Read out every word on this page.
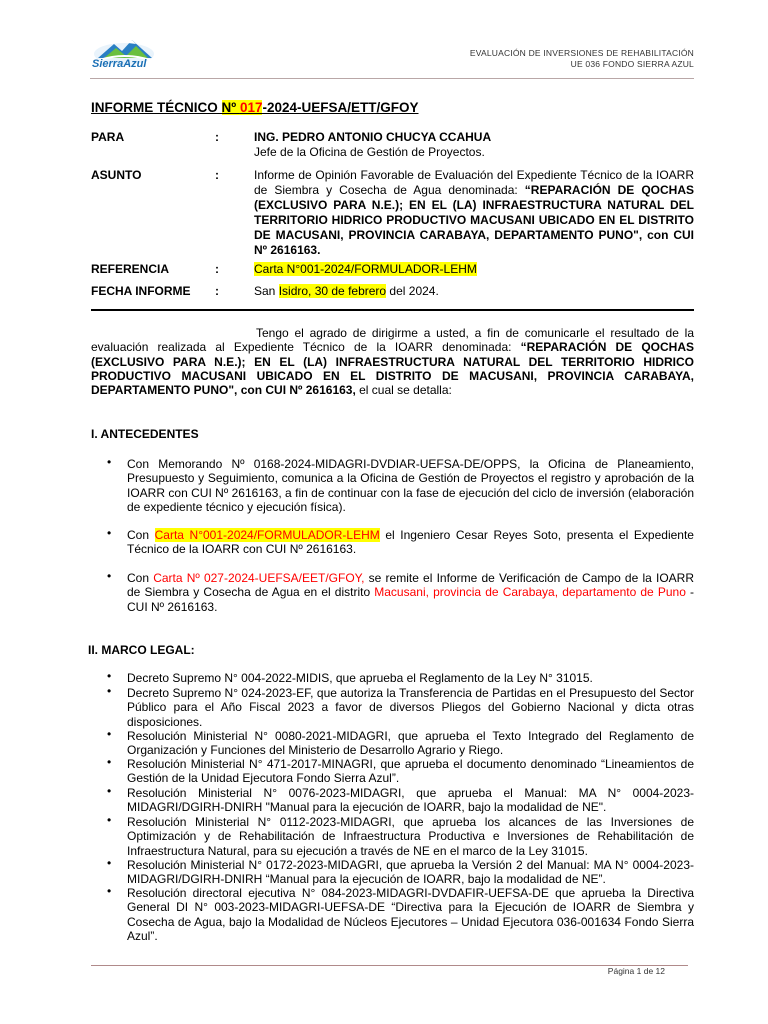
SierraAzul
EVALUACIÓN DE INVERSIONES DE REHABILITACIÓN
UE 036 FONDO SIERRA AZUL
INFORME TÉCNICO Nº 017-2024-UEFSA/ETT/GFOY
PARA	:	ING. PEDRO ANTONIO CHUCYA CCAHUA
Jefe de la Oficina de Gestión de Proyectos.
ASUNTO	:	Informe de Opinión Favorable de Evaluación del Expediente Técnico de la IOARR de Siembra y Cosecha de Agua denominada: “REPARACIÓN DE QOCHAS (EXCLUSIVO PARA N.E.); EN EL (LA) INFRAESTRUCTURA NATURAL DEL TERRITORIO HIDRICO PRODUCTIVO MACUSANI UBICADO EN EL DISTRITO DE MACUSANI, PROVINCIA CARABAYA, DEPARTAMENTO PUNO", con CUI Nº 2616163.
REFERENCIA	:	Carta N°001-2024/FORMULADOR-LEHM
FECHA INFORME :	San Isidro, 30 de febrero del 2024.
Tengo el agrado de dirigirme a usted, a fin de comunicarle el resultado de la evaluación realizada al Expediente Técnico de la IOARR denominada: “REPARACIÓN DE QOCHAS (EXCLUSIVO PARA N.E.); EN EL (LA) INFRAESTRUCTURA NATURAL DEL TERRITORIO HIDRICO PRODUCTIVO MACUSANI UBICADO EN EL DISTRITO DE MACUSANI, PROVINCIA CARABAYA, DEPARTAMENTO PUNO", con CUI Nº 2616163, el cual se detalla:
I. ANTECEDENTES
• Con Memorando Nº 0168-2024-MIDAGRI-DVDIAR-UEFSA-DE/OPPS, la Oficina de Planeamiento, Presupuesto y Seguimiento, comunica a la Oficina de Gestión de Proyectos el registro y aprobación de la IOARR con CUI Nº 2616163, a fin de continuar con la fase de ejecución del ciclo de inversión (elaboración de expediente técnico y ejecución física).
• Con Carta N°001-2024/FORMULADOR-LEHM el Ingeniero Cesar Reyes Soto, presenta el Expediente Técnico de la IOARR con CUI Nº 2616163.
• Con Carta Nº 027-2024-UEFSA/EET/GFOY, se remite el Informe de Verificación de Campo de la IOARR de Siembra y Cosecha de Agua en el distrito Macusani, provincia de Carabaya, departamento de Puno - CUI Nº 2616163.
II. MARCO LEGAL:
• Decreto Supremo N° 004-2022-MIDIS, que aprueba el Reglamento de la Ley N° 31015.
• Decreto Supremo N° 024-2023-EF, que autoriza la Transferencia de Partidas en el Presupuesto del Sector Público para el Año Fiscal 2023 a favor de diversos Pliegos del Gobierno Nacional y dicta otras disposiciones.
• Resolución Ministerial N° 0080-2021-MIDAGRI, que aprueba el Texto Integrado del Reglamento de Organización y Funciones del Ministerio de Desarrollo Agrario y Riego.
• Resolución Ministerial N° 471-2017-MINAGRI, que aprueba el documento denominado “Lineamientos de Gestión de la Unidad Ejecutora Fondo Sierra Azul”.
• Resolución Ministerial N° 0076-2023-MIDAGRI, que aprueba el Manual: MA N° 0004-2023-MIDAGRI/DGIRH-DNIRH "Manual para la ejecución de IOARR, bajo la modalidad de NE".
• Resolución Ministerial N° 0112-2023-MIDAGRI, que aprueba los alcances de las Inversiones de Optimización y de Rehabilitación de Infraestructura Productiva e Inversiones de Rehabilitación de Infraestructura Natural, para su ejecución a través de NE en el marco de la Ley 31015.
• Resolución Ministerial N° 0172-2023-MIDAGRI, que aprueba la Versión 2 del Manual: MA N° 0004-2023-MIDAGRI/DGIRH-DNIRH “Manual para la ejecución de IOARR, bajo la modalidad de NE”.
• Resolución directoral ejecutiva N° 084-2023-MIDAGRI-DVDAFIR-UEFSA-DE que aprueba la Directiva General DI N° 003-2023-MIDAGRI-UEFSA-DE “Directiva para la Ejecución de IOARR de Siembra y Cosecha de Agua, bajo la Modalidad de Núcleos Ejecutores – Unidad Ejecutora 036-001634 Fondo Sierra Azul”.
Página 1 de 12
